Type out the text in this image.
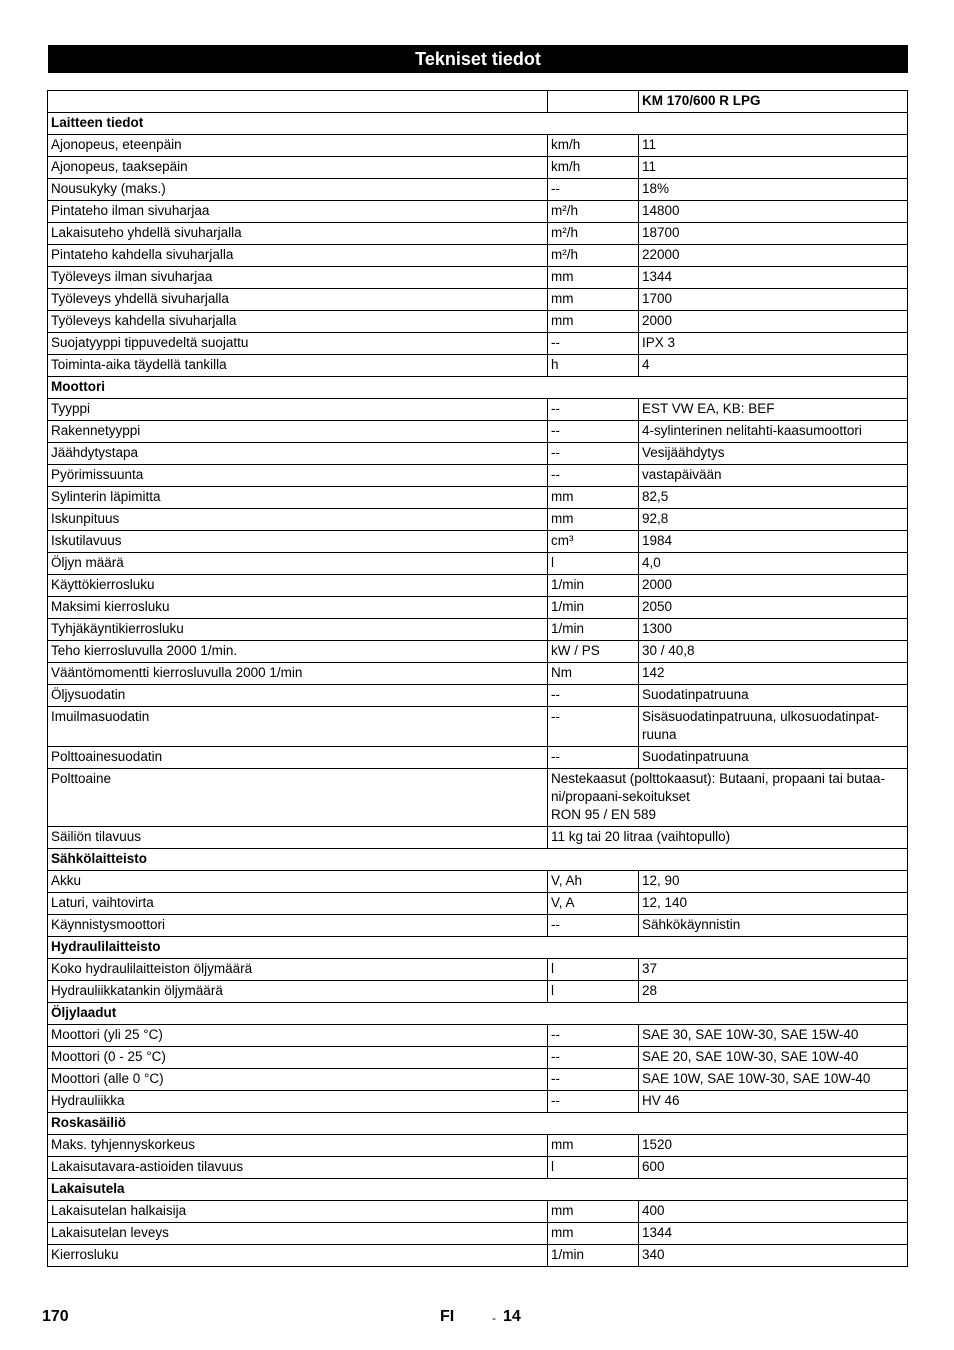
Tekniset tiedot
		KM 170/600 R LPG
Laitteen tiedot		
Ajonopeus, eteenpäin	km/h	11
Ajonopeus, taaksepäin	km/h	11
Nousukyky (maks.)	--	18%
Pintateho ilman sivuharjaa	m²/h	14800
Lakaisuteho yhdellä sivuharjalla	m²/h	18700
Pintateho kahdella sivuharjalla	m²/h	22000
Työleveys ilman sivuharjaa	mm	1344
Työleveys yhdellä sivuharjalla	mm	1700
Työleveys kahdella sivuharjalla	mm	2000
Suojatyyppi tippuvedeltä suojattu	--	IPX 3
Toiminta-aika täydellä tankilla	h	4
Moottori		
Tyyppi	--	EST VW EA, KB: BEF
Rakennetyyppi	--	4-sylinterinen nelitahti-kaasumoottori
Jäähdytystapa	--	Vesijäähdytys
Pyörimissuunta	--	vastapäivään
Sylinterin läpimitta	mm	82,5
Iskunpituus	mm	92,8
Iskutilavuus	cm³	1984
Öljyn määrä	l	4,0
Käyttökierrosluku	1/min	2000
Maksimi kierrosluku	1/min	2050
Tyhjäkäyntikierrosluku	1/min	1300
Teho kierrosluvulla 2000 1/min.	kW / PS	30 / 40,8
Vääntömomentti kierrosluvulla 2000 1/min	Nm	142
Öljysuodatin	--	Suodatinpatruuna
Imuilmasuodatin	--	Sisäsuodatinpatruuna, ulkosuodatinpat-
ruuna
Polttoainesuodatin	--	Suodatinpatruuna
Polttoaine	Nestekaasut (polttokaasut): Butaani, propaani tai butaa-
ni/propaani-sekoitukset
RON 95 / EN 589	
Säiliön tilavuus	11 kg tai 20 litraa (vaihtopullo)	
Sähkölaitteisto		
Akku	V, Ah	12, 90
Laturi, vaihtovirta	V, A	12, 140
Käynnistysmoottori	--	Sähkökäynnistin
Hydraulilaitteisto		
Koko hydraulilaitteiston öljymäärä	l	37
Hydrauliikkatankin öljymäärä	l	28
Öljylaadut		
Moottori (yli 25 °C)	--	SAE 30, SAE 10W-30, SAE 15W-40
Moottori (0 - 25 °C)	--	SAE 20, SAE 10W-30, SAE 10W-40
Moottori (alle 0 °C)	--	SAE 10W, SAE 10W-30, SAE 10W-40
Hydrauliikka	--	HV 46
Roskasäiliö		
Maks. tyhjennyskorkeus	mm	1520
Lakaisutavara-astioiden tilavuus	l	600
Lakaisutela		
Lakaisutelan halkaisija	mm	400
Lakaisutelan leveys	mm	1344
Kierrosluku	1/min	340
170	FI	- 14
